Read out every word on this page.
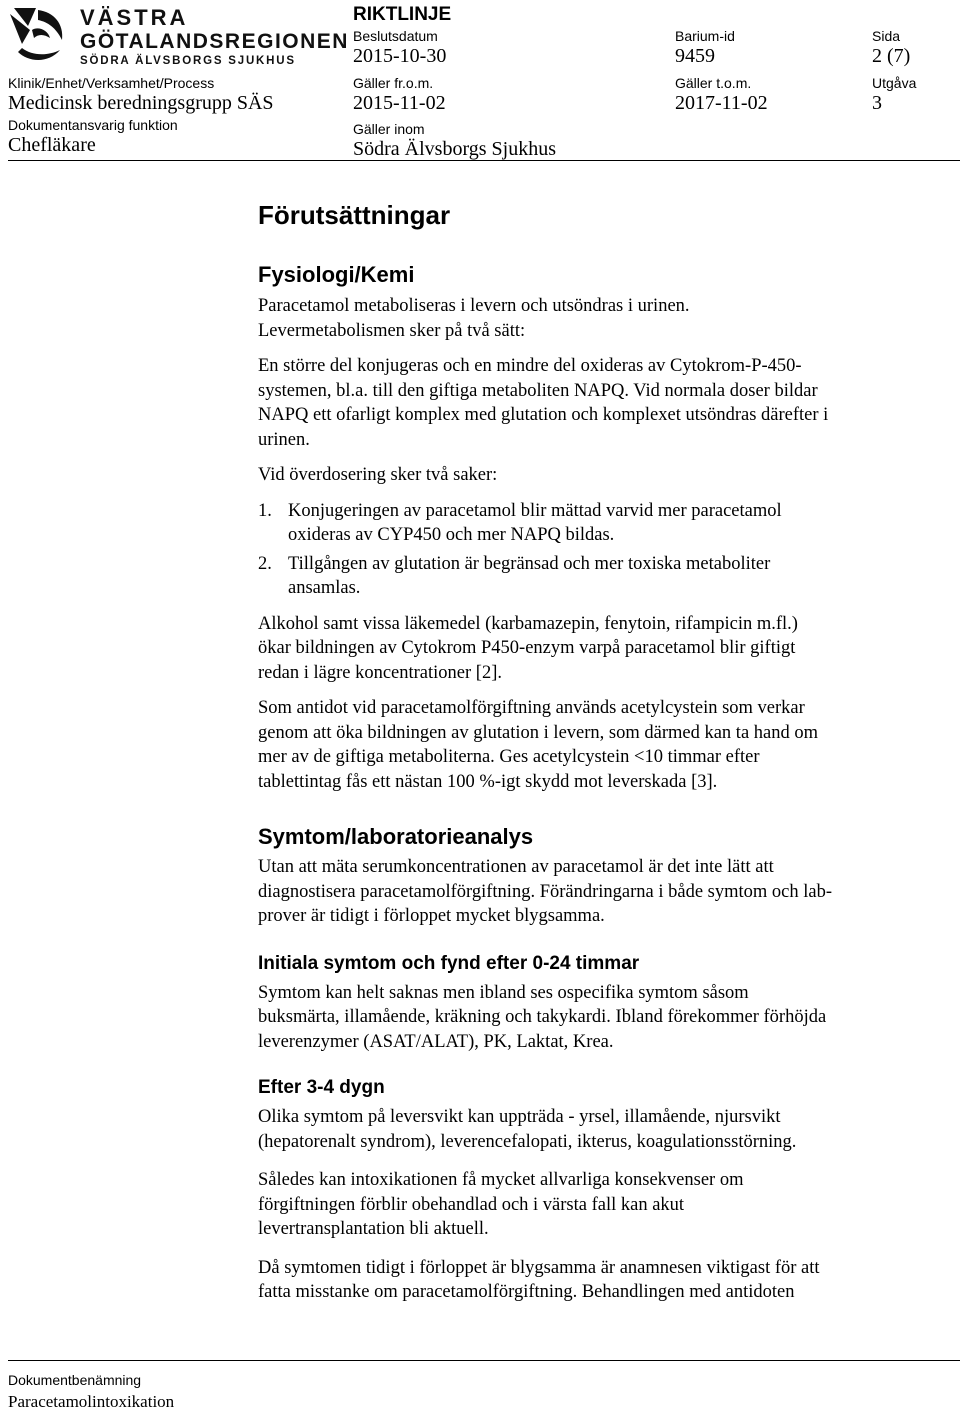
VÄSTRA
GÖTALANDSREGIONEN
SÖDRA ÄLVSBORGS SJUKHUS
RIKTLINJE
Beslutsdatum
2015-10-30
Barium-id
9459
Sida
2 (7)
Klinik/Enhet/Verksamhet/Process
Medicinsk beredningsgrupp SÄS
Gäller fr.o.m.
2015-11-02
Gäller t.o.m.
2017-11-02
Utgåva
3
Dokumentansvarig funktion
Chefläkare
Gäller inom
Södra Älvsborgs Sjukhus
Förutsättningar
Fysiologi/Kemi

Paracetamol metaboliseras i levern och utsöndras i urinen.

Levermetabolismen sker på två sätt:

En större del konjugeras och en mindre del oxideras av Cytokrom-P-450-

systemen, bl.a. till den giftiga metaboliten NAPQ. Vid normala doser bildar

NAPQ ett ofarligt komplex med glutation och komplexet utsöndras därefter i

urinen.

Vid överdosering sker två saker:

1. Konjugeringen av paracetamol blir mättad varvid mer paracetamol
oxideras av CYP450 och mer NAPQ bildas.
2. Tillgången av glutation är begränsad och mer toxiska metaboliter
ansamlas.

Alkohol samt vissa läkemedel (karbamazepin, fenytoin, rifampicin m.fl.)

ökar bildningen av Cytokrom P450-enzym varpå paracetamol blir giftigt

redan i lägre koncentrationer [2].

Som antidot vid paracetamolförgiftning används acetylcystein som verkar

genom att öka bildningen av glutation i levern, som därmed kan ta hand om

mer av de giftiga metaboliterna. Ges acetylcystein <10 timmar efter

tablettintag fås ett nästan 100 %-igt skydd mot leverskada [3].

Symtom/laboratorieanalys

Utan att mäta serumkoncentrationen av paracetamol är det inte lätt att

diagnostisera paracetamolförgiftning. Förändringarna i både symtom och lab-

prover är tidigt i förloppet mycket blygsamma.

Initiala symtom och fynd efter 0-24 timmar

Symtom kan helt saknas men ibland ses ospecifika symtom såsom

buksmärta, illamående, kräkning och takykardi. Ibland förekommer förhöjda

leverenzymer (ASAT/ALAT), PK, Laktat, Krea.

Efter 3-4 dygn

Olika symtom på leversvikt kan uppträda - yrsel, illamående, njursvikt

(hepatorenalt syndrom), leverencefalopati, ikterus, koagulationsstörning.

Således kan intoxikationen få mycket allvarliga konsekvenser om

förgiftningen förblir obehandlad och i värsta fall kan akut

levertransplantation bli aktuell.

Då symtomen tidigt i förloppet är blygsamma är anamnesen viktigast för att

fatta misstanke om paracetamolförgiftning. Behandlingen med antidoten

Dokumentbenämning
Paracetamolintoxikation
